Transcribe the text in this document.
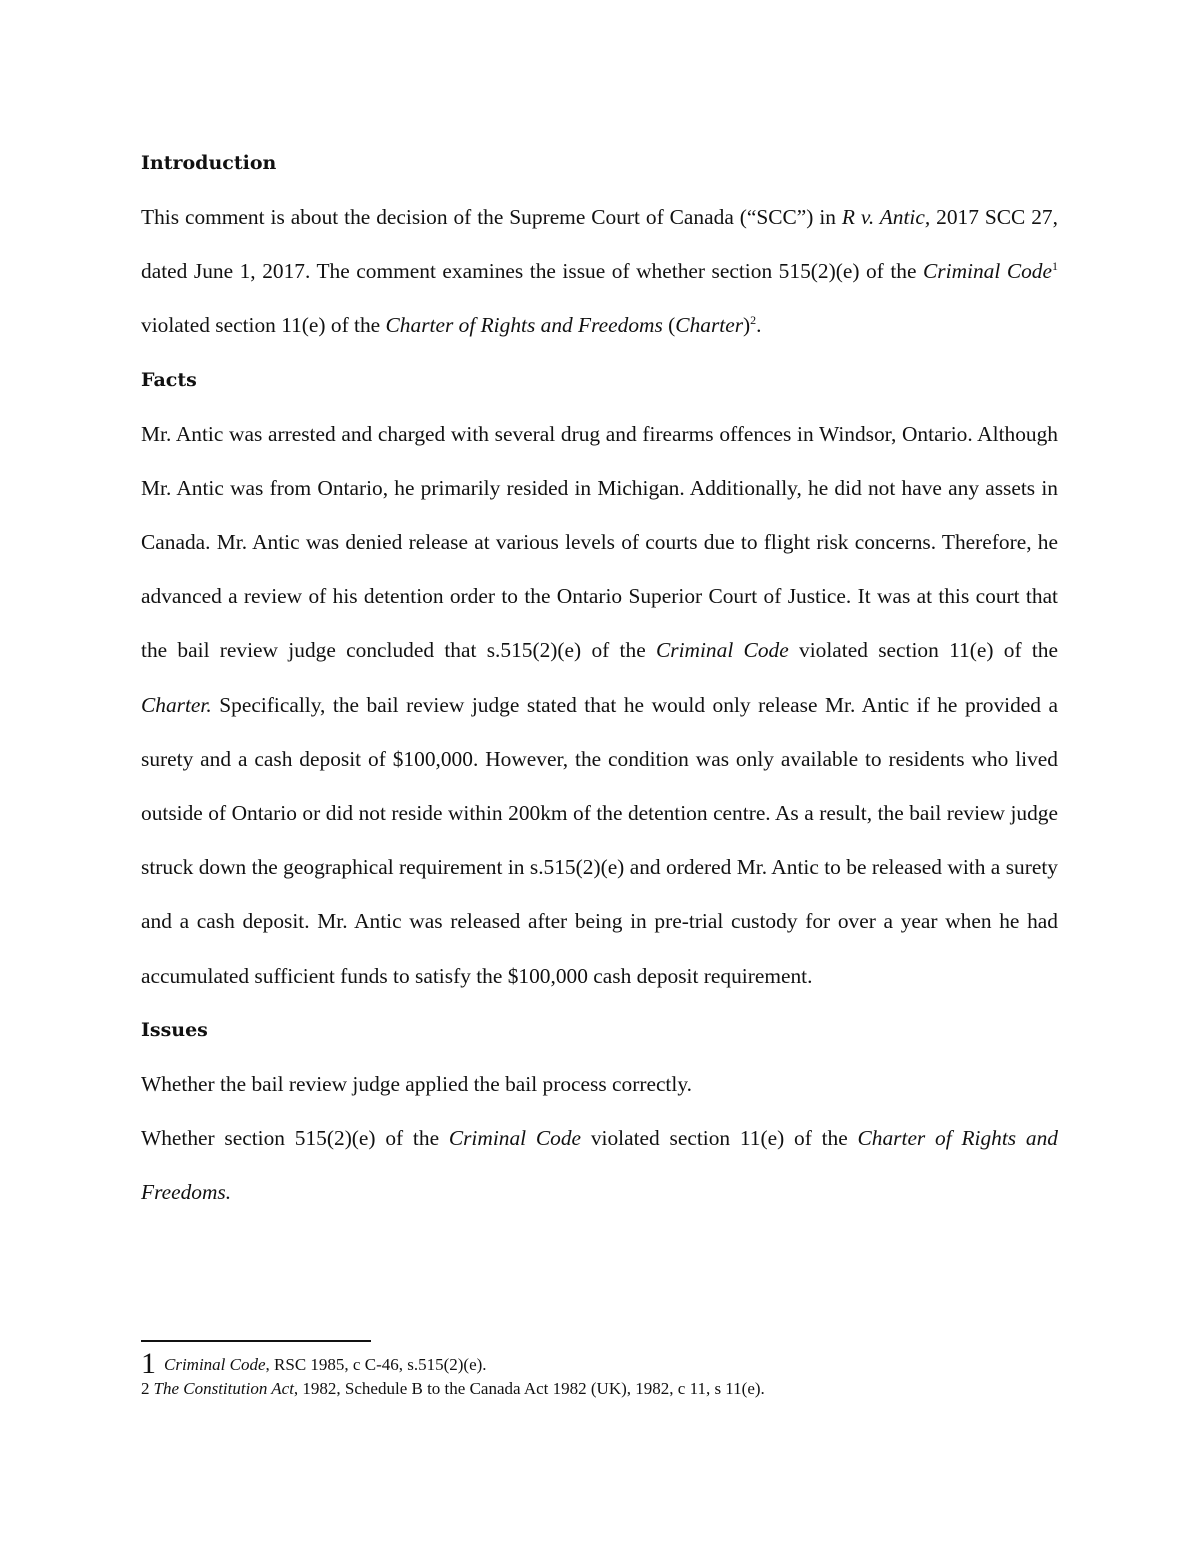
Introduction
This comment is about the decision of the Supreme Court of Canada (“SCC”) in R v. Antic, 2017 SCC 27, dated June 1, 2017. The comment examines the issue of whether section 515(2)(e) of the Criminal Code$^1$ violated section 11(e) of the Charter of Rights and Freedoms (Charter)$^2$.
Facts
Mr. Antic was arrested and charged with several drug and firearms offences in Windsor, Ontario. Although Mr. Antic was from Ontario, he primarily resided in Michigan. Additionally, he did not have any assets in Canada. Mr. Antic was denied release at various levels of courts due to flight risk concerns. Therefore, he advanced a review of his detention order to the Ontario Superior Court of Justice. It was at this court that the bail review judge concluded that s.515(2)(e) of the Criminal Code violated section 11(e) of the Charter. Specifically, the bail review judge stated that he would only release Mr. Antic if he provided a surety and a cash deposit of $100,000. However, the condition was only available to residents who lived outside of Ontario or did not reside within 200km of the detention centre. As a result, the bail review judge struck down the geographical requirement in s.515(2)(e) and ordered Mr. Antic to be released with a surety and a cash deposit. Mr. Antic was released after being in pre-trial custody for over a year when he had accumulated sufficient funds to satisfy the $100,000 cash deposit requirement.
Issues
Whether the bail review judge applied the bail process correctly.
Whether section 515(2)(e) of the Criminal Code violated section 11(e) of the Charter of Rights and Freedoms.
1 Criminal Code, RSC 1985, c C-46, s.515(2)(e).
2 The Constitution Act, 1982, Schedule B to the Canada Act 1982 (UK), 1982, c 11, s 11(e).
